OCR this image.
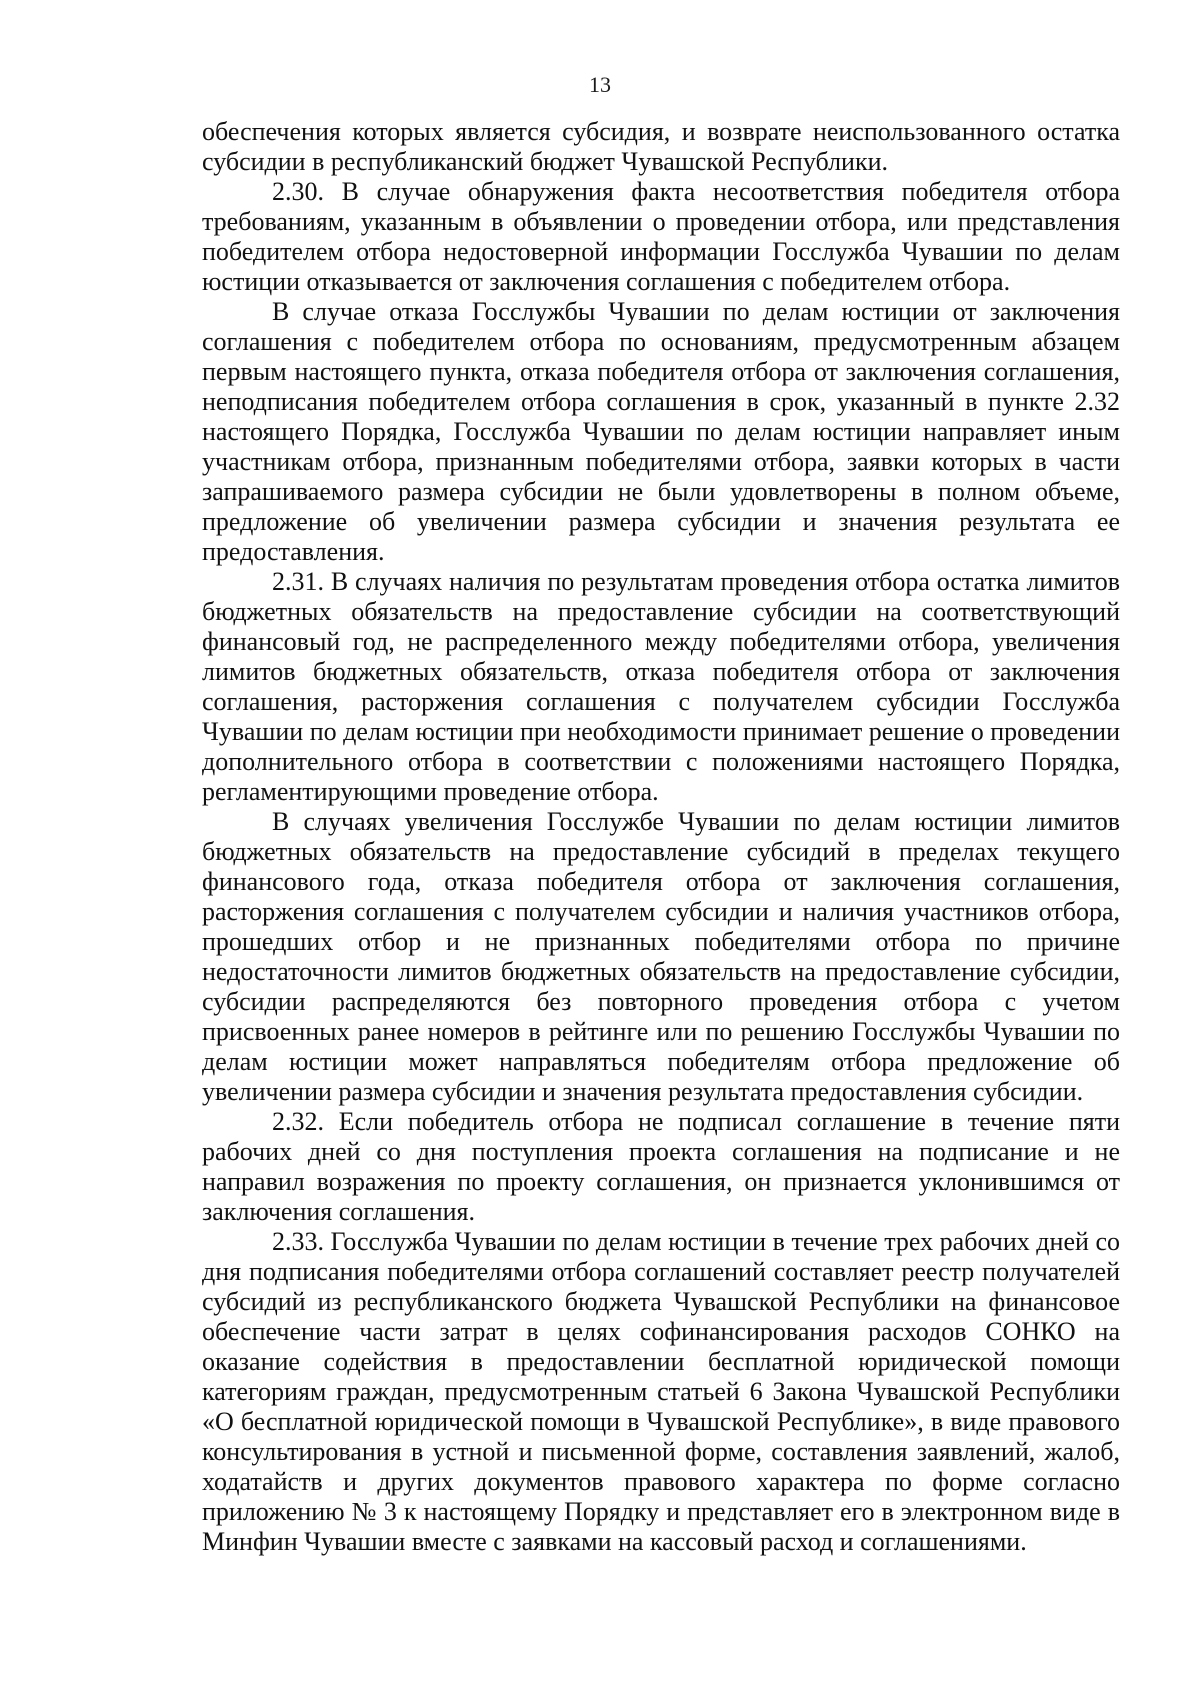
13

обеспечения которых является субсидия, и возврате неиспользованного остатка субсидии в республиканский бюджет Чувашской Республики.

2.30. В случае обнаружения факта несоответствия победителя отбора требованиям, указанным в объявлении о проведении отбора, или представления победителем отбора недостоверной информации Госслужба Чувашии по делам юстиции отказывается от заключения соглашения с победителем отбора.

В случае отказа Госслужбы Чувашии по делам юстиции от заключения соглашения с победителем отбора по основаниям, предусмотренным абзацем первым настоящего пункта, отказа победителя отбора от заключения соглашения, неподписания победителем отбора соглашения в срок, указанный в пункте 2.32 настоящего Порядка, Госслужба Чувашии по делам юстиции направляет иным участникам отбора, признанным победителями отбора, заявки которых в части запрашиваемого размера субсидии не были удовлетворены в полном объеме, предложение об увеличении размера субсидии и значения результата ее предоставления.

2.31. В случаях наличия по результатам проведения отбора остатка лимитов бюджетных обязательств на предоставление субсидии на соответствующий финансовый год, не распределенного между победителями отбора, увеличения лимитов бюджетных обязательств, отказа победителя отбора от заключения соглашения, расторжения соглашения с получателем субсидии Госслужба Чувашии по делам юстиции при необходимости принимает решение о проведении дополнительного отбора в соответствии с положениями настоящего Порядка, регламентирующими проведение отбора.

В случаях увеличения Госслужбе Чувашии по делам юстиции лимитов бюджетных обязательств на предоставление субсидий в пределах текущего финансового года, отказа победителя отбора от заключения соглашения, расторжения соглашения с получателем субсидии и наличия участников отбора, прошедших отбор и не признанных победителями отбора по причине недостаточности лимитов бюджетных обязательств на предоставление субсидии, субсидии распределяются без повторного проведения отбора с учетом присвоенных ранее номеров в рейтинге или по решению Госслужбы Чувашии по делам юстиции может направляться победителям отбора предложение об увеличении размера субсидии и значения результата предоставления субсидии.

2.32. Если победитель отбора не подписал соглашение в течение пяти рабочих дней со дня поступления проекта соглашения на подписание и не направил возражения по проекту соглашения, он признается уклонившимся от заключения соглашения.

2.33. Госслужба Чувашии по делам юстиции в течение трех рабочих дней со дня подписания победителями отбора соглашений составляет реестр получателей субсидий из республиканского бюджета Чувашской Республики на финансовое обеспечение части затрат в целях софинансирования расходов СОНКО на оказание содействия в предоставлении бесплатной юридической помощи категориям граждан, предусмотренным статьей 6 Закона Чувашской Республики «О бесплатной юридической помощи в Чувашской Республике», в виде правового консультирования в устной и письменной форме, составления заявлений, жалоб, ходатайств и других документов правового характера по форме согласно приложению № 3 к настоящему Порядку и представляет его в электронном виде в Минфин Чувашии вместе с заявками на кассовый расход и соглашениями.
